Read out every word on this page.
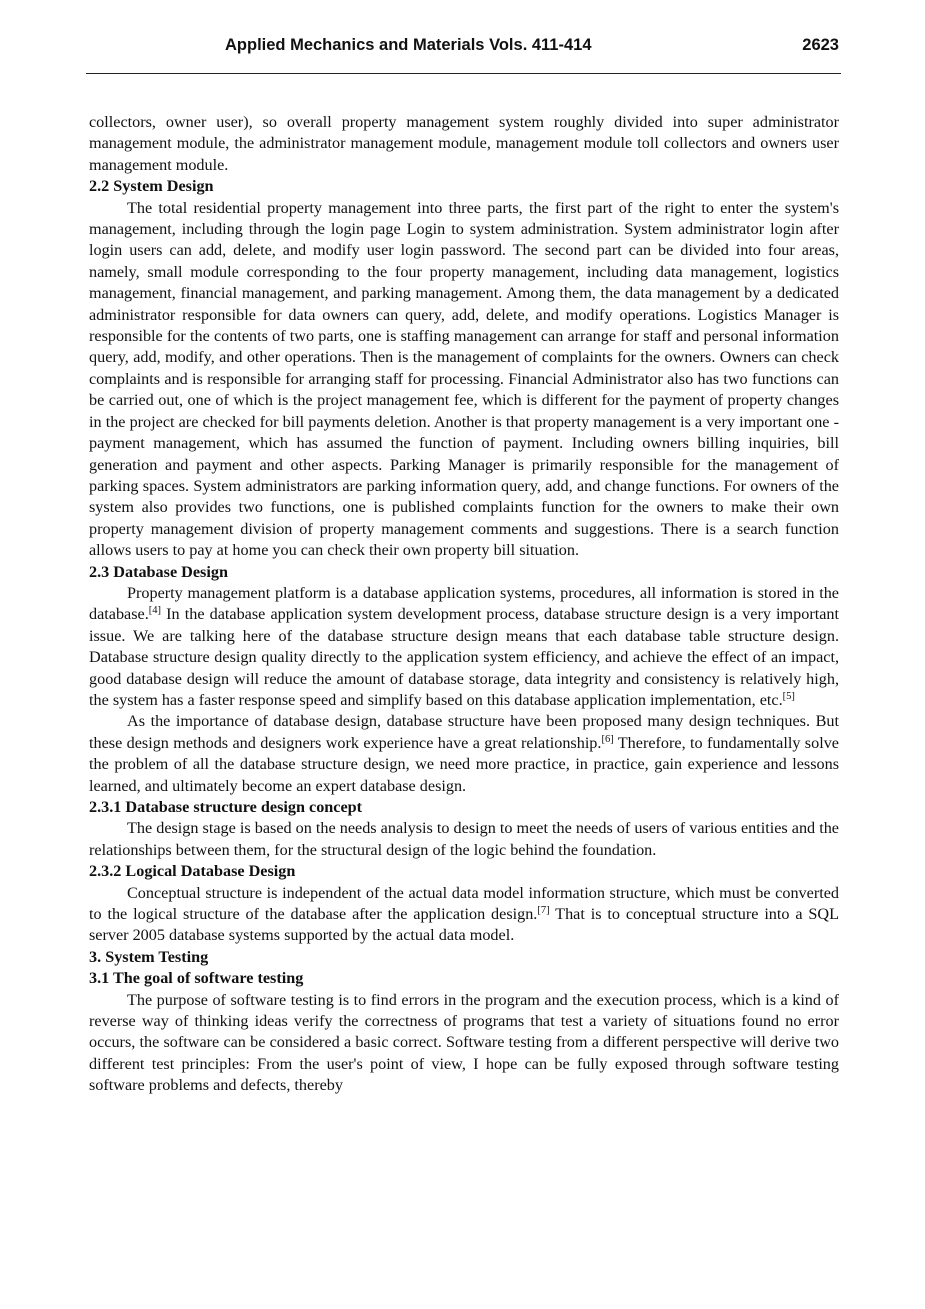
Applied Mechanics and Materials Vols. 411-414	2623

collectors, owner user), so overall property management system roughly divided into super administrator management module, the administrator management module, management module toll collectors and owners user management module.

2.2 System Design

The total residential property management into three parts, the first part of the right to enter the system's management, including through the login page Login to system administration. System administrator login after login users can add, delete, and modify user login password. The second part can be divided into four areas, namely, small module corresponding to the four property management, including data management, logistics management, financial management, and parking management. Among them, the data management by a dedicated administrator responsible for data owners can query, add, delete, and modify operations. Logistics Manager is responsible for the contents of two parts, one is staffing management can arrange for staff and personal information query, add, modify, and other operations. Then is the management of complaints for the owners. Owners can check complaints and is responsible for arranging staff for processing. Financial Administrator also has two functions can be carried out, one of which is the project management fee, which is different for the payment of property changes in the project are checked for bill payments deletion. Another is that property management is a very important one - payment management, which has assumed the function of payment. Including owners billing inquiries, bill generation and payment and other aspects. Parking Manager is primarily responsible for the management of parking spaces. System administrators are parking information query, add, and change functions. For owners of the system also provides two functions, one is published complaints function for the owners to make their own property management division of property management comments and suggestions. There is a search function allows users to pay at home you can check their own property bill situation.

2.3 Database Design

Property management platform is a database application systems, procedures, all information is stored in the database.[4] In the database application system development process, database structure design is a very important issue. We are talking here of the database structure design means that each database table structure design. Database structure design quality directly to the application system efficiency, and achieve the effect of an impact, good database design will reduce the amount of database storage, data integrity and consistency is relatively high, the system has a faster response speed and simplify based on this database application implementation, etc.[5]

As the importance of database design, database structure have been proposed many design techniques. But these design methods and designers work experience have a great relationship.[6] Therefore, to fundamentally solve the problem of all the database structure design, we need more practice, in practice, gain experience and lessons learned, and ultimately become an expert database design.

2.3.1 Database structure design concept

The design stage is based on the needs analysis to design to meet the needs of users of various entities and the relationships between them, for the structural design of the logic behind the foundation.

2.3.2 Logical Database Design

Conceptual structure is independent of the actual data model information structure, which must be converted to the logical structure of the database after the application design.[7] That is to conceptual structure into a SQL server 2005 database systems supported by the actual data model.

3. System Testing
3.1 The goal of software testing

The purpose of software testing is to find errors in the program and the execution process, which is a kind of reverse way of thinking ideas verify the correctness of programs that test a variety of situations found no error occurs, the software can be considered a basic correct. Software testing from a different perspective will derive two different test principles: From the user's point of view, I hope can be fully exposed through software testing software problems and defects, thereby
